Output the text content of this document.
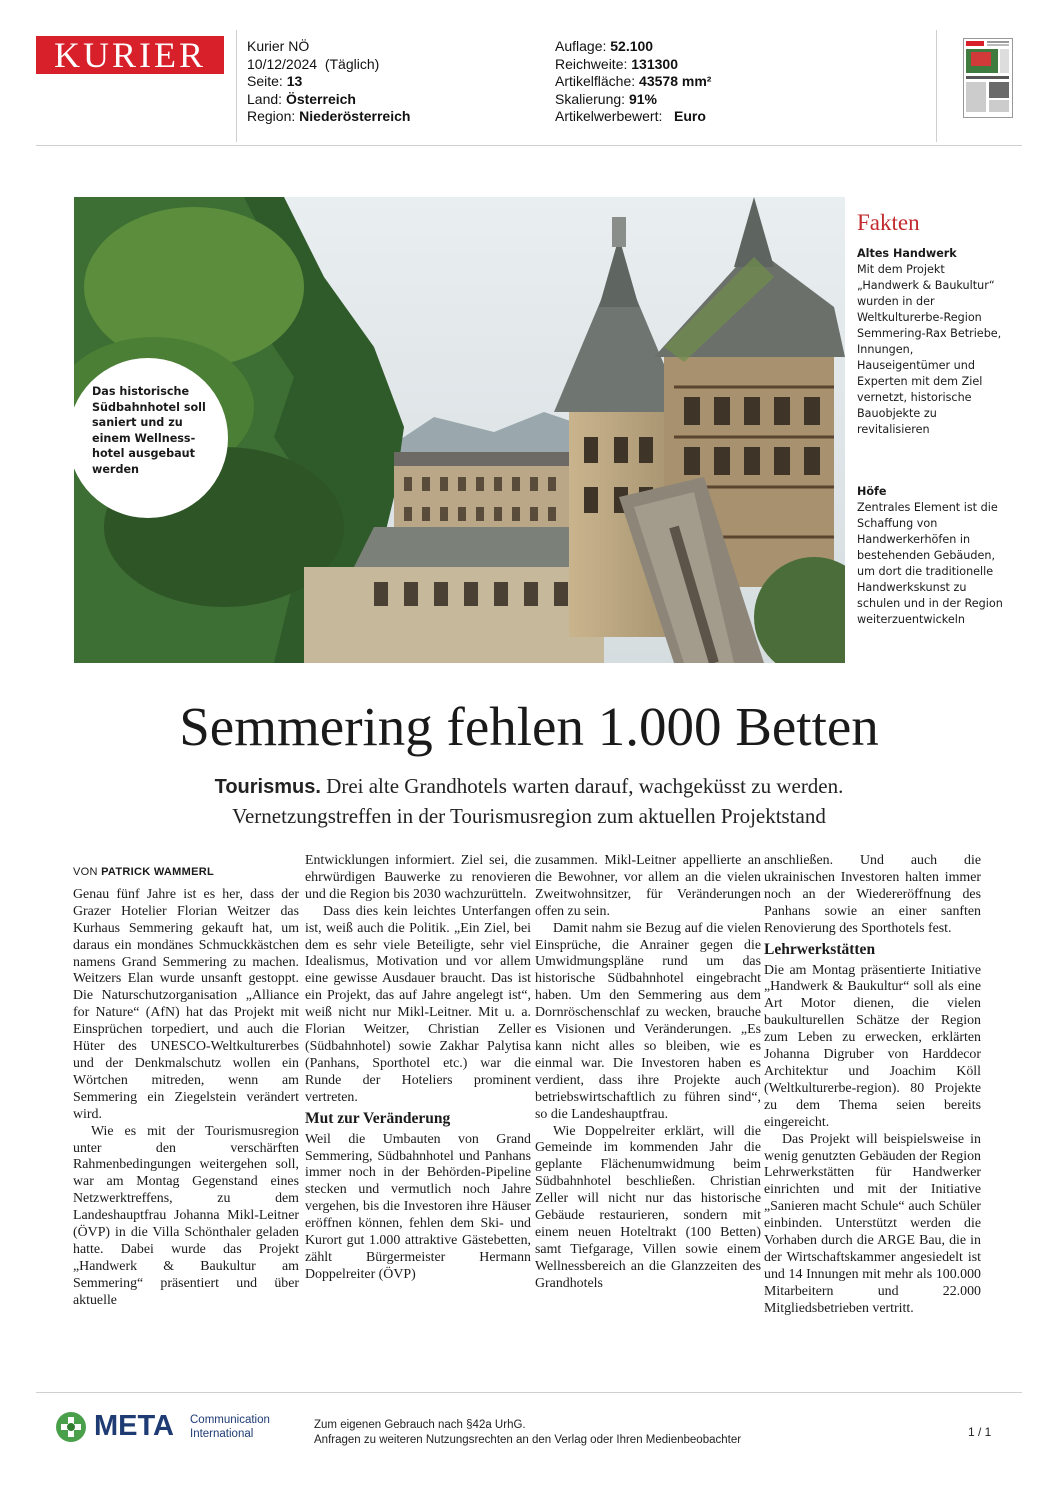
KURIER	Kurier NÖ
10/12/2024  (Täglich)
Seite: 13
Land: Österreich
Region: Niederösterreich
Auflage: 52.100
Reichweite: 131300
Artikelfläche: 43578 mm²
Skalierung: 91%
Artikelwerbewert: Euro
Das historische Südbahnhotel soll saniert und zu einem Wellness-hotel ausgebaut werden
Fakten
Altes Handwerk
Mit dem Projekt „Handwerk & Baukultur“ wurden in der Weltkulturerbe-Region Semmering-Rax Betriebe, Innungen, Hauseigentümer und Experten mit dem Ziel vernetzt, historische Bauobjekte zu revitalisieren
Höfe
Zentrales Element ist die Schaffung von Handwerkerhöfen in bestehenden Gebäuden, um dort die traditionelle Handwerkskunst zu schulen und in der Region weiterzuentwickeln
Semmering fehlen 1.000 Betten
Tourismus. Drei alte Grandhotels warten darauf, wachgeküsst zu werden.
Vernetzungstreffen in der Tourismusregion zum aktuellen Projektstand

VON PATRICK WAMMERL

Genau fünf Jahre ist es her, dass der Grazer Hotelier Florian Weitzer das Kurhaus Semmering gekauft hat, um daraus ein mondänes Schmuckkästchen namens Grand Semmering zu machen. Weitzers Elan wurde unsanft gestoppt. Die Naturschutzorganisation „Alliance for Nature“ (AfN) hat das Projekt mit Einsprüchen torpediert, und auch die Hüter des UNESCO-Weltkulturerbes und der Denkmalschutz wollen ein Wörtchen mitreden, wenn am Semmering ein Ziegelstein verändert wird.

Wie es mit der Tourismusregion unter den verschärften Rahmenbedingungen weitergehen soll, war am Montag Gegenstand eines Netzwerktreffens, zu dem Landeshauptfrau Johanna Mikl-Leitner (ÖVP) in die Villa Schönthaler geladen hatte. Dabei wurde das Projekt „Handwerk & Baukultur am Semmering“ präsentiert und über aktuelle

Entwicklungen informiert. Ziel sei, die ehrwürdigen Bauwerke zu renovieren und die Region bis 2030 wachzurütteln.

Dass dies kein leichtes Unterfangen ist, weiß auch die Politik. „Ein Ziel, bei dem es sehr viele Beteiligte, sehr viel Idealismus, Motivation und vor allem eine gewisse Ausdauer braucht. Das ist ein Projekt, das auf Jahre angelegt ist“, weiß nicht nur Mikl-Leitner. Mit u. a. Florian Weitzer, Christian Zeller (Südbahnhotel) sowie Zakhar Palytisa (Panhans, Sporthotel etc.) war die Runde der Hoteliers prominent vertreten.

Mut zur Veränderung

Weil die Umbauten von Grand Semmering, Südbahnhotel und Panhans immer noch in der Behörden-Pipeline stecken und vermutlich noch Jahre vergehen, bis die Investoren ihre Häuser eröffnen können, fehlen dem Ski- und Kurort gut 1.000 attraktive Gästebetten, zählt Bürgermeister Hermann Doppelreiter (ÖVP)

zusammen. Mikl-Leitner appellierte an die Bewohner, vor allem an die vielen Zweitwohnsitzer, für Veränderungen offen zu sein.

Damit nahm sie Bezug auf die vielen Einsprüche, die Anrainer gegen die Umwidmungspläne rund um das historische Südbahnhotel eingebracht haben. Um den Semmering aus dem Dornröschenschlaf zu wecken, brauche es Visionen und Veränderungen. „Es kann nicht alles so bleiben, wie es einmal war. Die Investoren haben es verdient, dass ihre Projekte auch betriebswirtschaftlich zu führen sind“, so die Landeshauptfrau.

Wie Doppelreiter erklärt, will die Gemeinde im kommenden Jahr die geplante Flächenumwidmung beim Südbahnhotel beschließen. Christian Zeller will nicht nur das historische Gebäude restaurieren, sondern mit einem neuen Hoteltrakt (100 Betten) samt Tiefgarage, Villen sowie einem Wellnessbereich an die Glanzzeiten des Grandhotels

anschließen. Und auch die ukrainischen Investoren halten immer noch an der Wiedereröffnung des Panhans sowie an einer sanften Renovierung des Sporthotels fest.

Lehrwerkstätten

Die am Montag präsentierte Initiative „Handwerk & Baukultur“ soll als eine Art Motor dienen, die vielen baukulturellen Schätze der Region zum Leben zu erwecken, erklärten Johanna Digruber von Harddecor Architektur und Joachim Köll (Weltkulturerbe-region). 80 Projekte zu dem Thema seien bereits eingereicht.

Das Projekt will beispielsweise in wenig genutzten Gebäuden der Region Lehrwerkstätten für Handwerker einrichten und mit der Initiative „Sanieren macht Schule“ auch Schüler einbinden. Unterstützt werden die Vorhaben durch die ARGE Bau, die in der Wirtschaftskammer angesiedelt ist und 14 Innungen mit mehr als 100.000 Mitarbeitern und 22.000 Mitgliedsbetrieben vertritt.

META Communication
International
Zum eigenen Gebrauch nach §42a UrhG.
Anfragen zu weiteren Nutzungsrechten an den Verlag oder Ihren Medienbeobachter
1 / 1
